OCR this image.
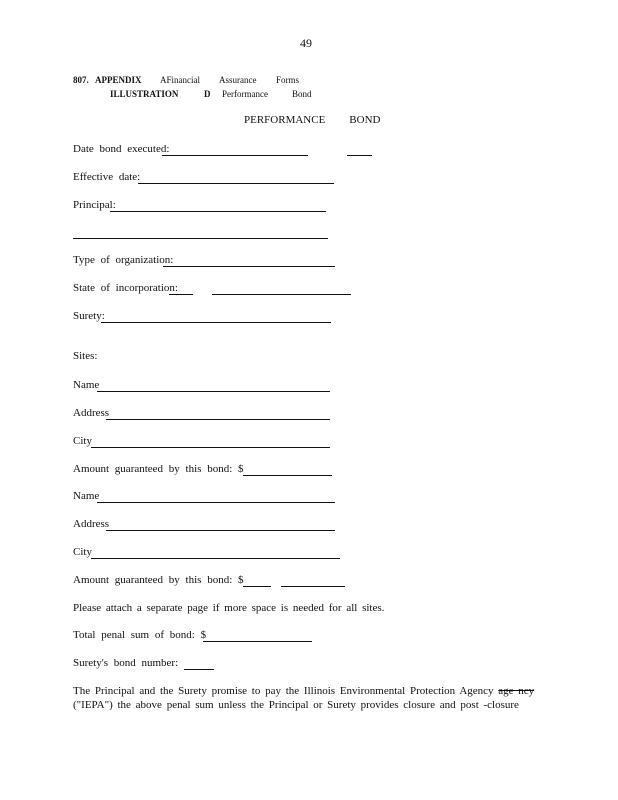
49
807. APPENDIX AFinancial Assurance Forms
ILLUSTRATION	D Performance	Bond
PERFORMANCE BOND
Date bond executed:
Effective date:
Principal:
Type of organization:
State of incorporation:
Surety:
Sites:
Name
Address
City
Amount guaranteed by this bond: $
Name
Address
City
Amount guaranteed by this bond: $
Please attach a separate page if more space is needed for all sites.
Total penal sum of bond: $
Surety's bond number:
The Principal and the Surety promise to pay the Illinois Environmental Protection Agency age ncy
("IEPA") the above penal sum unless the Principal or Surety provides closure and post -closure
